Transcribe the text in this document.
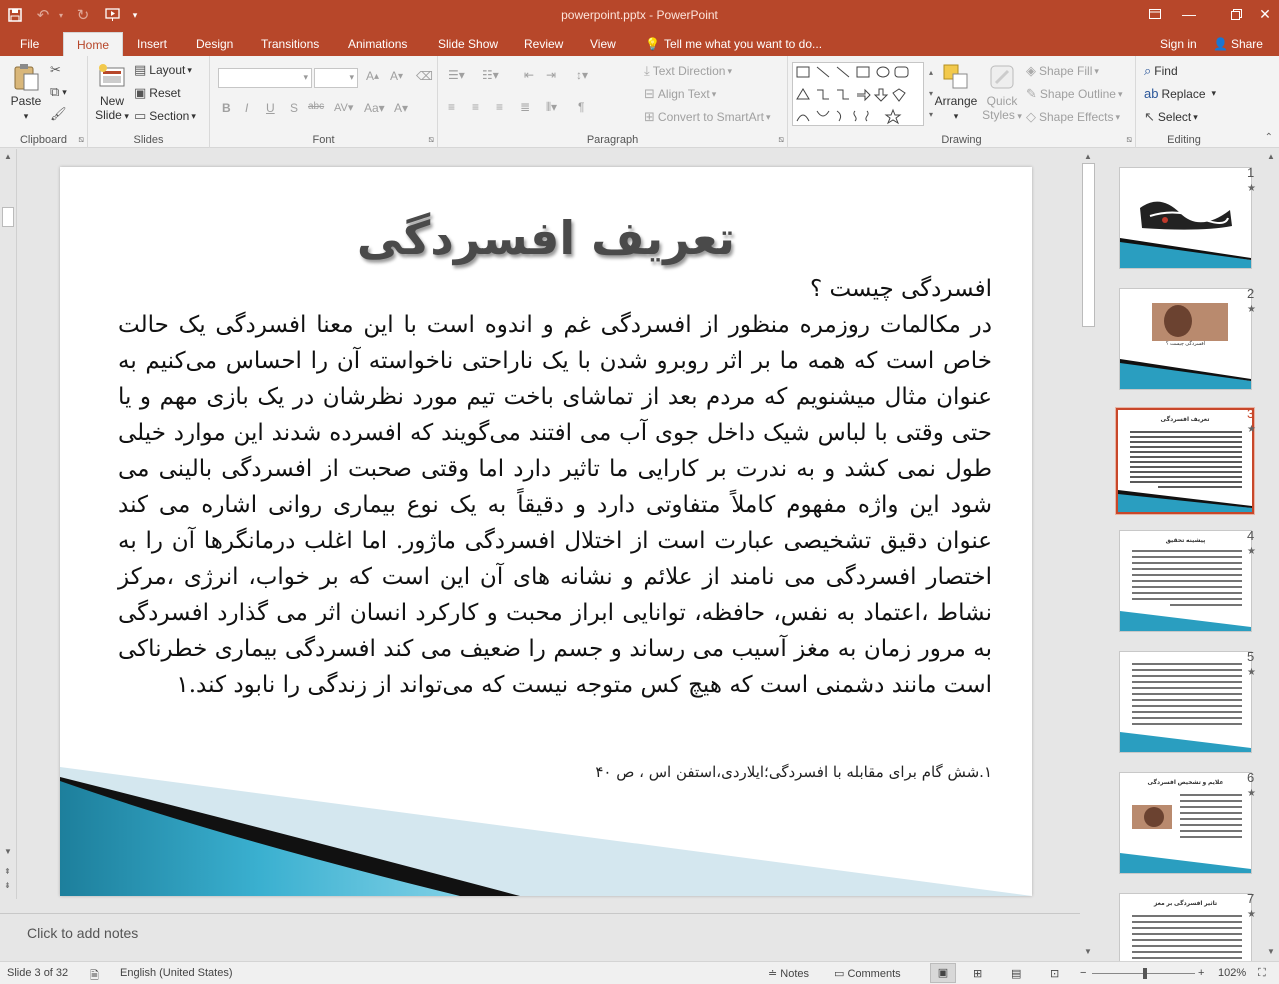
↶	▾ ↻	▾	powerpoint.pptx - PowerPoint	—	✕
File	Home	Insert Design Transitions Animations	Slide Show Review View 💡 Tell me what you want to do...	Sign in 👤 Share
Paste
▾
✂
⧉ ▾
🖌
Clipboard	⧅
New
Slide ▾
▤ Layout ▾
▣ Reset
▭ Section ▾
Slides
▾	▾ A ▴ A ▾ ⌫
B I U S abc AV▾ Aa▾ A▾
Font	⧅
☰▾ ☷▾ ⇤ ⇥ ↕▾
≡ ≡ ≡ ≣ ⫴▾ ¶
⤓ Text Direction ▾
⊟ Align Text ▾
⊞ Convert to SmartArt ▾
Paragraph	⧅
▴
▾
▾
Arrange
▾
Quick
Styles ▾
◈ Shape Fill ▾
✎ Shape Outline ▾
◇ Shape Effects ▾
Drawing	⧅
⌕ Find
ab Replace ▾
↖ Select ▾
Editing	⌃
▲
▼
⇞
⇟
تعریف افسردگی
افسردگی چیست ؟
در مکالمات روزمره منظور از افسردگی غم و اندوه است با این معنا افسردگی یک حالت خاص است که همه ما بر اثر روبرو شدن با یک ناراحتی ناخواسته آن را احساس می‌کنیم به عنوان مثال میشنویم که مردم بعد از تماشای باخت تیم مورد نظرشان در یک بازی مهم و یا حتی وقتی با لباس شیک داخل جوی آب می افتند می‌گویند که افسرده شدند این موارد خیلی طول نمی کشد و به ندرت بر کارایی ما تاثیر دارد اما وقتی صحبت از افسردگی بالینی می شود این واژه مفهوم کاملاً متفاوتی دارد و دقیقاً به یک نوع بیماری روانی اشاره می کند عنوان دقیق تشخیصی عبارت است از اختلال افسردگی ماژور. اما اغلب درمانگرها آن را به اختصار افسردگی می نامند از علائم و نشانه های آن این است که بر خواب، انرژی ،مرکز نشاط ،اعتماد به نفس، حافظه، توانایی ابراز محبت و کارکرد انسان اثر می گذارد افسردگی به مرور زمان به مغز آسیب می رساند و جسم را ضعیف می کند افسردگی بیماری خطرناکی است مانند دشمنی است که هیچ کس متوجه نیست که می‌تواند از زندگی را نابود کند.۱
۱.شش گام برای مقابله با افسردگی؛ایلاردی،استفن اس ، ص ۴۰
▲
▼
1
★
افسردگی چیست ؟
2
★
تعریف افسردگی	3
★
پیشینه تحقیق	4
★
5
★
علایم و تشخیص افسردگی	6
★
تاثیر افسردگی بر مغز	7
★
▲
▼
Click to add notes
Slide 3 of 32 🗎 English (United States)	≐ Notes ▭ Comments	▣	⊞	▤	⊡ −	+ 102% ⛶
